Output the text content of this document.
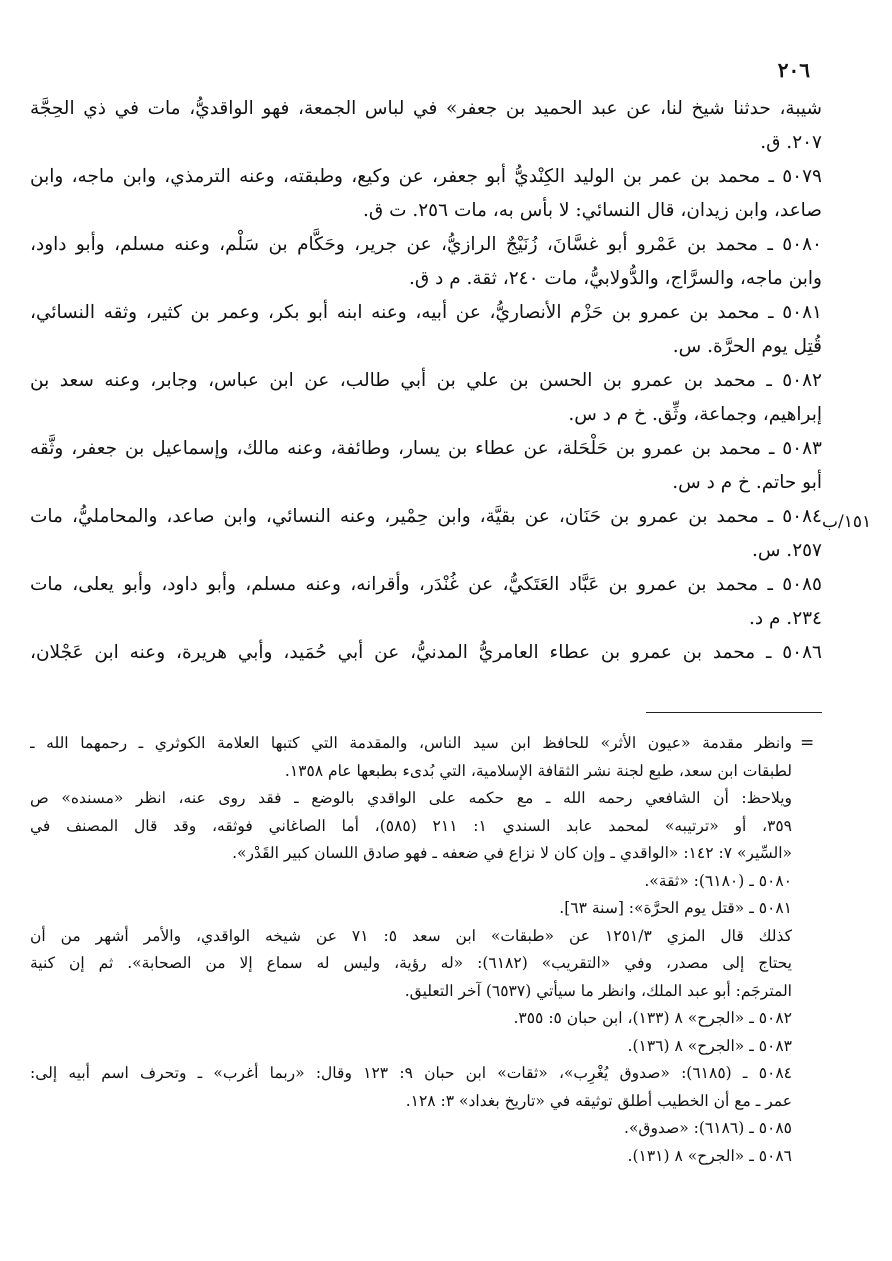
٢٠٦
١٥١/ب
شيبة، حدثنا شيخ لنا، عن عبد الحميد بن جعفر» في لباس الجمعة، فهو الواقديُّ، مات في ذي الحِجَّة
٢٠٧. ق.
٥٠٧٩ ـ محمد بن عمر بن الوليد الكِنْديُّ أبو جعفر، عن وكيع، وطبقته، وعنه الترمذي، وابن ماجه، وابن
صاعد، وابن زيدان، قال النسائي: لا بأس به، مات ٢٥٦. ت ق.
٥٠٨٠ ـ محمد بن عَمْرو أبو غسَّانَ، زُنَيْجٌ الرازيُّ، عن جرير، وحَكَّام بن سَلْم، وعنه مسلم، وأبو داود،
وابن ماجه، والسرَّاج، والدُّولابيُّ، مات ٢٤٠، ثقة. م د ق.
٥٠٨١ ـ محمد بن عمرو بن حَزْم الأنصاريُّ، عن أبيه، وعنه ابنه أبو بكر، وعمر بن كثير، وثقه النسائي،
قُتِل يوم الحرَّة. س.
٥٠٨٢ ـ محمد بن عمرو بن الحسن بن علي بن أبي طالب، عن ابن عباس، وجابر، وعنه سعد بن
إبراهيم، وجماعة، وثِّق. خ م د س.
٥٠٨٣ ـ محمد بن عمرو بن حَلْحَلة، عن عطاء بن يسار، وطائفة، وعنه مالك، وإسماعيل بن جعفر، وثَّقه
أبو حاتم. خ م د س.
٥٠٨٤ ـ محمد بن عمرو بن حَنَان، عن بقيَّة، وابن حِمْير، وعنه النسائي، وابن صاعد، والمحامليُّ، مات
٢٥٧. س.
٥٠٨٥ ـ محمد بن عمرو بن عَبَّاد العَتَكيُّ، عن غُنْدَر، وأقرانه، وعنه مسلم، وأبو داود، وأبو يعلى، مات
٢٣٤. م د.
٥٠٨٦ ـ محمد بن عمرو بن عطاء العامريُّ المدنيُّ، عن أبي حُمَيد، وأبي هريرة، وعنه ابن عَجْلان،
=
وانظر مقدمة «عيون الأثر» للحافظ ابن سيد الناس، والمقدمة التي كتبها العلامة الكوثري ـ رحمهما الله ـ
لطبقات ابن سعد، طبع لجنة نشر الثقافة الإسلامية، التي بُدىء بطبعها عام ١٣٥٨.
ويلاحظ: أن الشافعي رحمه الله ـ مع حكمه على الواقدي بالوضع ـ فقد روى عنه، انظر «مسنده» ص
٣٥٩، أو «ترتيبه» لمحمد عابد السندي ١: ٢١١ (٥٨٥)، أما الصاغاني فوثقه، وقد قال المصنف في
«السِّير» ٧: ١٤٢: «الواقدي ـ وإن كان لا نزاع في ضعفه ـ فهو صادق اللسان كبير القَدْر».
٥٠٨٠ ـ (٦١٨٠): «ثقة».
٥٠٨١ ـ «قتل يوم الحرَّة»: [سنة ٦٣].
كذلك قال المزي ١٢٥١/٣ عن «طبقات» ابن سعد ٥: ٧١ عن شيخه الواقدي، والأمر أشهر من أن
يحتاج إلى مصدر، وفي «التقريب» (٦١٨٢): «له رؤية، وليس له سماع إلا من الصحابة». ثم إن كنية
المترجَم: أبو عبد الملك، وانظر ما سيأتي (٦٥٣٧) آخر التعليق.
٥٠٨٢ ـ «الجرح» ٨ (١٣٣)، ابن حبان ٥: ٣٥٥.
٥٠٨٣ ـ «الجرح» ٨ (١٣٦).
٥٠٨٤ ـ (٦١٨٥): «صدوق يُغْرِب»، «ثقات» ابن حبان ٩: ١٢٣ وقال: «ربما أغرب» ـ وتحرف اسم أبيه إلى:
عمر ـ مع أن الخطيب أطلق توثيقه في «تاريخ بغداد» ٣: ١٢٨.
٥٠٨٥ ـ (٦١٨٦): «صدوق».
٥٠٨٦ ـ «الجرح» ٨ (١٣١).
